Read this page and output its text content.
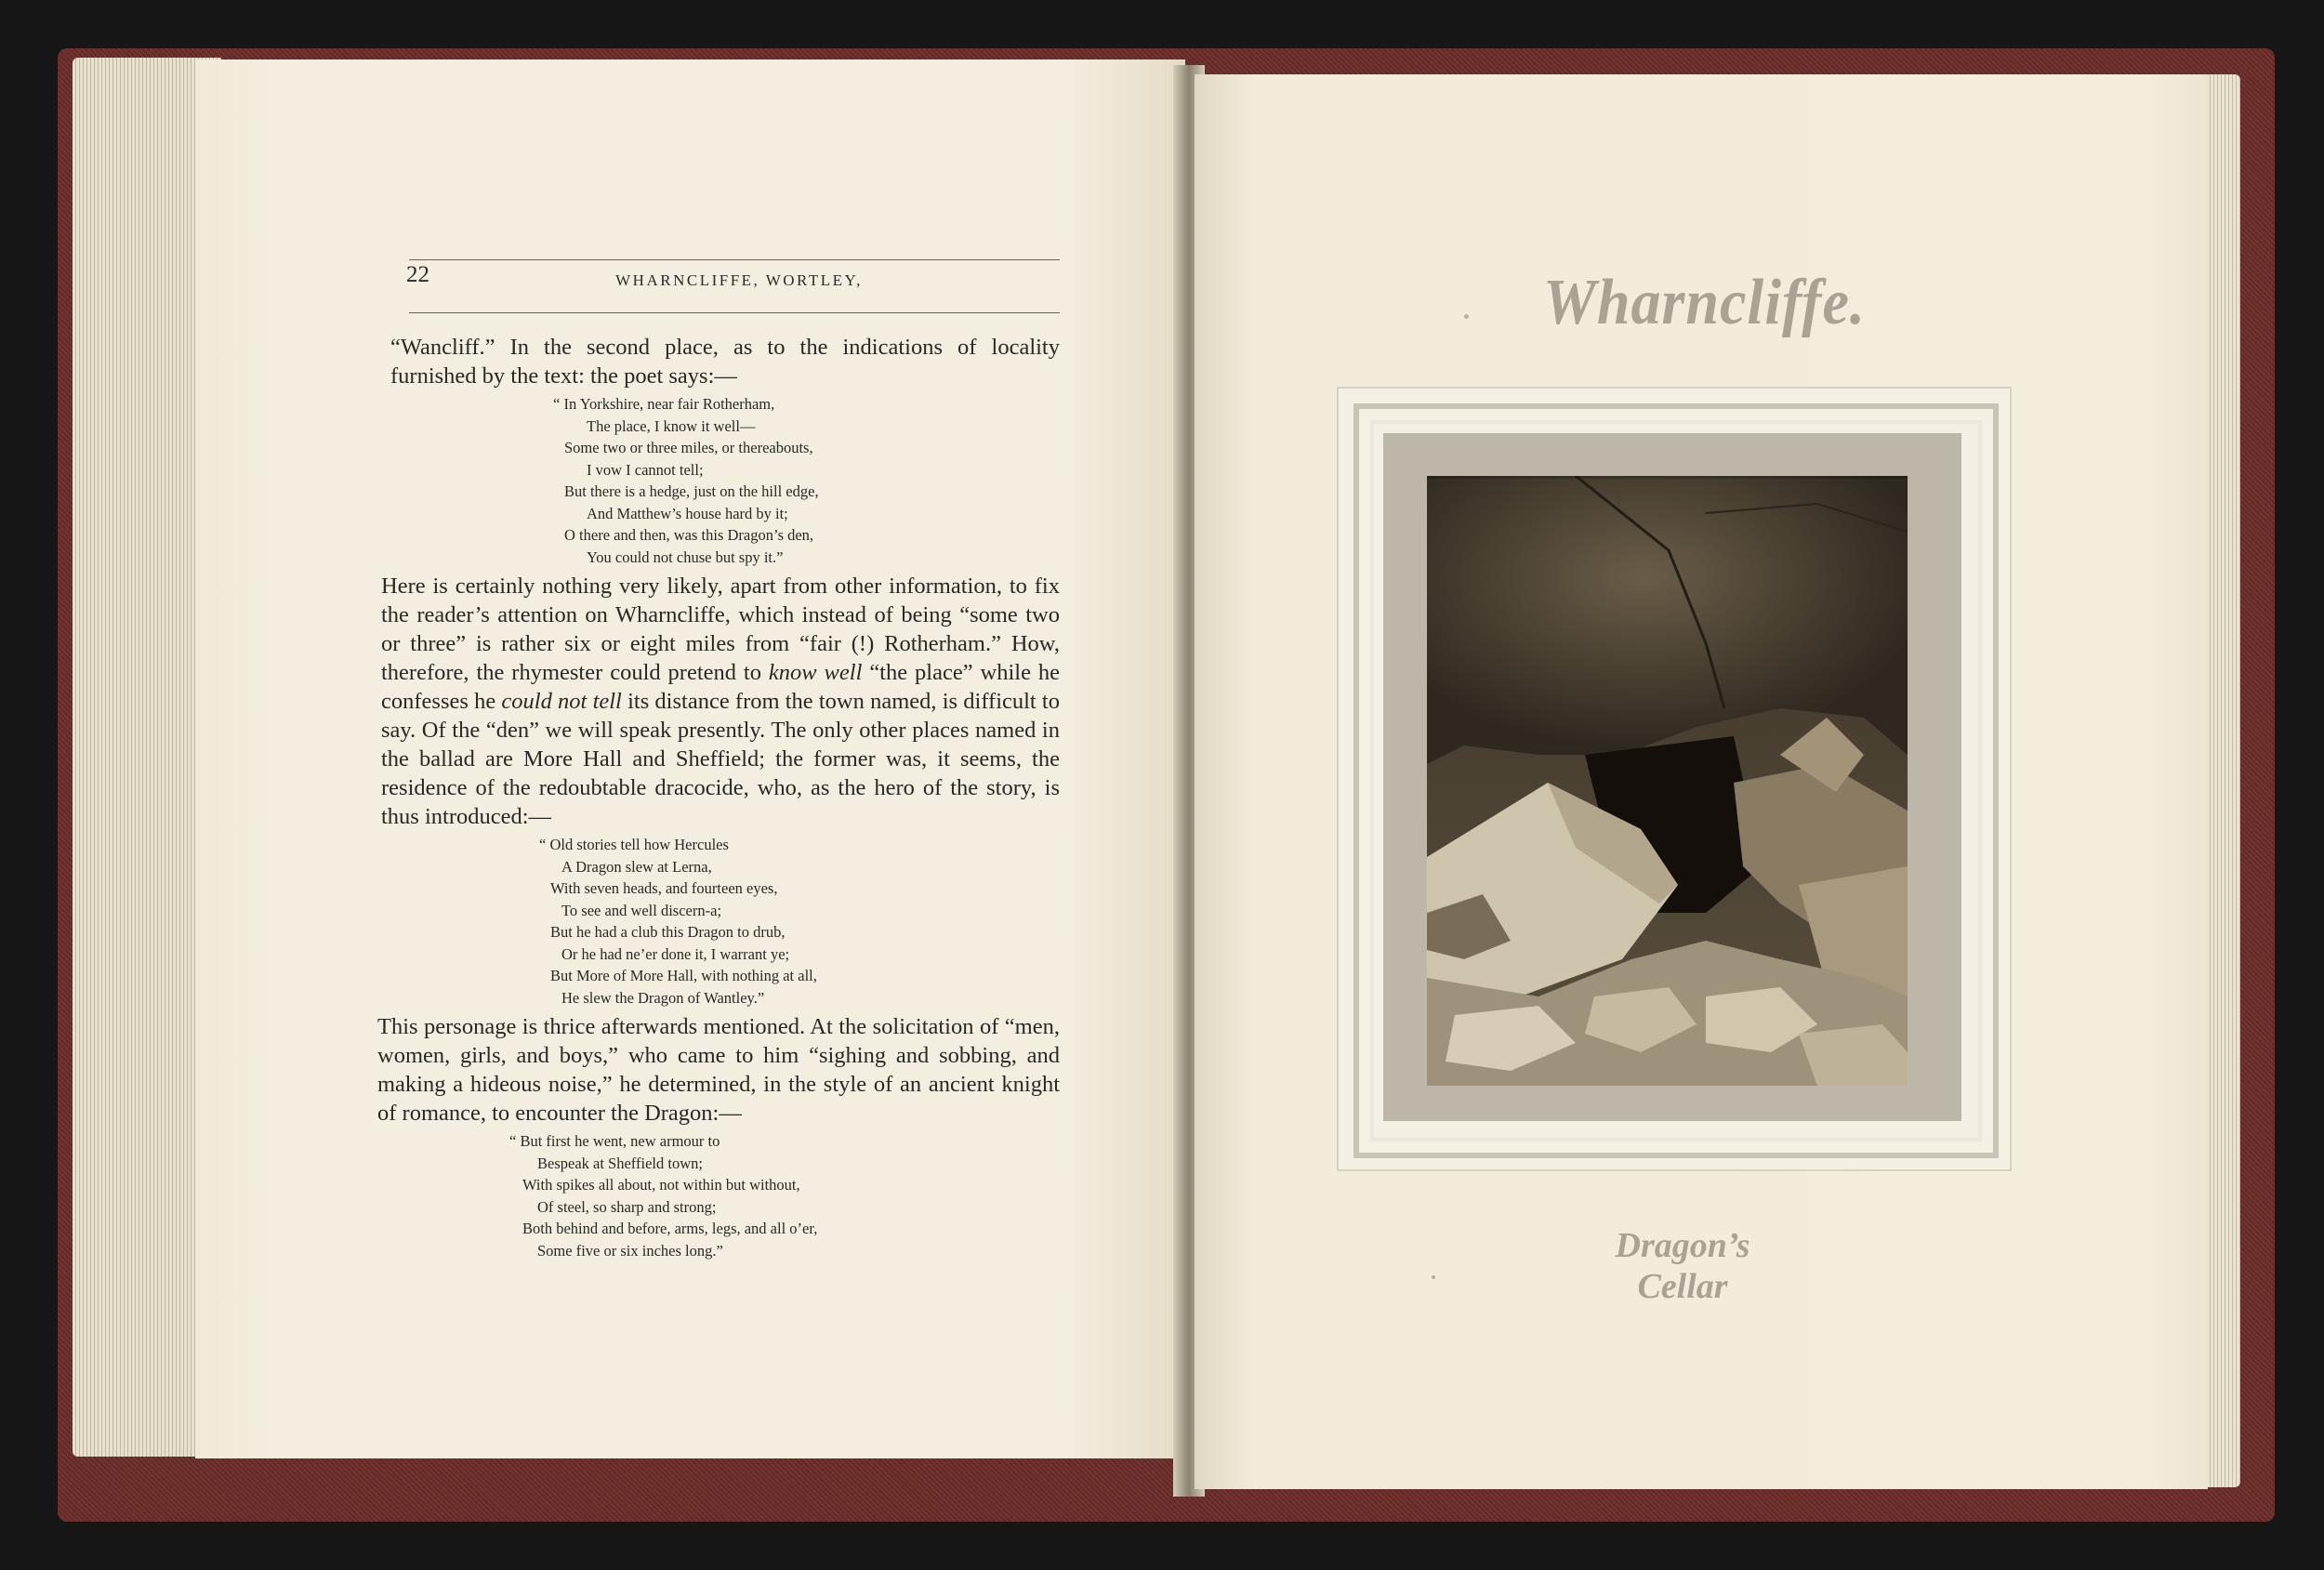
22	WHARNCLIFFE, WORTLEY,

“Wancliff.” In the second place, as to the indications of locality
furnished by the text: the poet says:—

“ In Yorkshire, near fair Rotherham,
The place, I know it well—
Some two or three miles, or thereabouts,
I vow I cannot tell;
But there is a hedge, just on the hill edge,
And Matthew’s house hard by it;
O there and then, was this Dragon’s den,
You could not chuse but spy it.”

Here is certainly nothing very likely, apart from other information, to fix the reader’s attention on Wharncliffe, which instead of being “some two or three” is rather six or eight miles from “fair (!) Rotherham.” How, therefore, the rhymester could pretend to know well “the place” while he confesses he could not tell its distance from the town named, is difficult to say. Of the “den” we will speak presently. The only other places named in the ballad are More Hall and Sheffield; the former was, it seems, the residence of the redoubtable dracocide, who, as the hero of the story, is thus introduced:—

“ Old stories tell how Hercules
A Dragon slew at Lerna,
With seven heads, and fourteen eyes,
To see and well discern-a;
But he had a club this Dragon to drub,
Or he had ne’er done it, I warrant ye;
But More of More Hall, with nothing at all,
He slew the Dragon of Wantley.”

This personage is thrice afterwards mentioned. At the solicitation of “men, women, girls, and boys,” who came to him “sighing and sobbing, and making a hideous noise,” he determined, in the style of an ancient knight of romance, to encounter the Dragon:—

“ But first he went, new armour to
Bespeak at Sheffield town;
With spikes all about, not within but without,
Of steel, so sharp and strong;
Both behind and before, arms, legs, and all o’er,
Some five or six inches long.”
Wharncliffe.
Dragon’s Cellar
